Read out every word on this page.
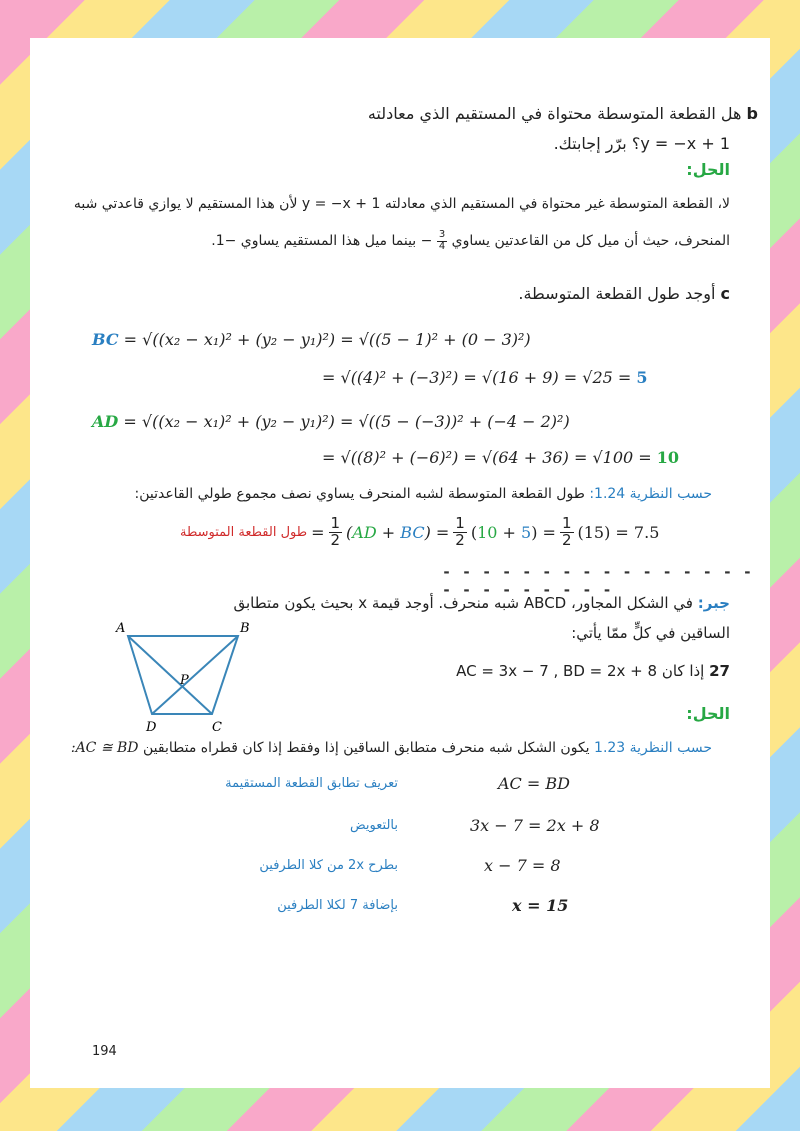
b هل القطعة المتوسطة محتواة في المستقيم الذي معادلته
y = −x + 1؟ برّر إجابتك.
الحل:
لا، القطعة المتوسطة غير محتواة في المستقيم الذي معادلته y = −x + 1 لأن هذا المستقيم لا يوازي قاعدتي شبه
المنحرف، حيث أن ميل كل من القاعدتين يساوي
$\frac{3}{4}$
− بينما ميل هذا المستقيم يساوي −1.
c أوجد طول القطعة المتوسطة.
BC = √((x₂ − x₁)² + (y₂ − y₁)²) = √((5 − 1)² + (0 − 3)²)
= √((4)² + (−3)²) = √(16 + 9) = √25 = 5
AD = √((x₂ − x₁)² + (y₂ − y₁)²) = √((5 − (−3))² + (−4 − 2)²)
= √((8)² + (−6)²) = √(64 + 36) = √100 = 10
حسب النظرية 1.24: طول القطعة المتوسطة لشبه المنحرف يساوي نصف مجموع طولي القاعدتين:
طول القطعة المتوسطة = $\frac{1}{2} (AD + BC) = \frac{1}{2} (10 + 5) = \frac{1}{2} (15) = 7.5$
- - - - - - - - - - - - - - - - - - - - - - - - -
جبر: في الشكل المجاور، ABCD شبه منحرف. أوجد قيمة x بحيث يكون متطابق
الساقين في كلٍّ ممّا يأتي:
27 إذا كان AC = 3x − 7 , BD = 2x + 8
A	B
D	C
P
الحل:
حسب النظرية 1.23 يكون الشكل شبه منحرف متطابق الساقين إذا وفقط إذا كان قطراه متطابقين AC ≅ BD:
تعريف تطابق القطعة المستقيمة	AC = BD
بالتعويض	3x − 7 = 2x + 8
بطرح 2x من كلا الطرفين	x − 7 = 8
بإضافة 7 لكلا الطرفين	x = 15
194
